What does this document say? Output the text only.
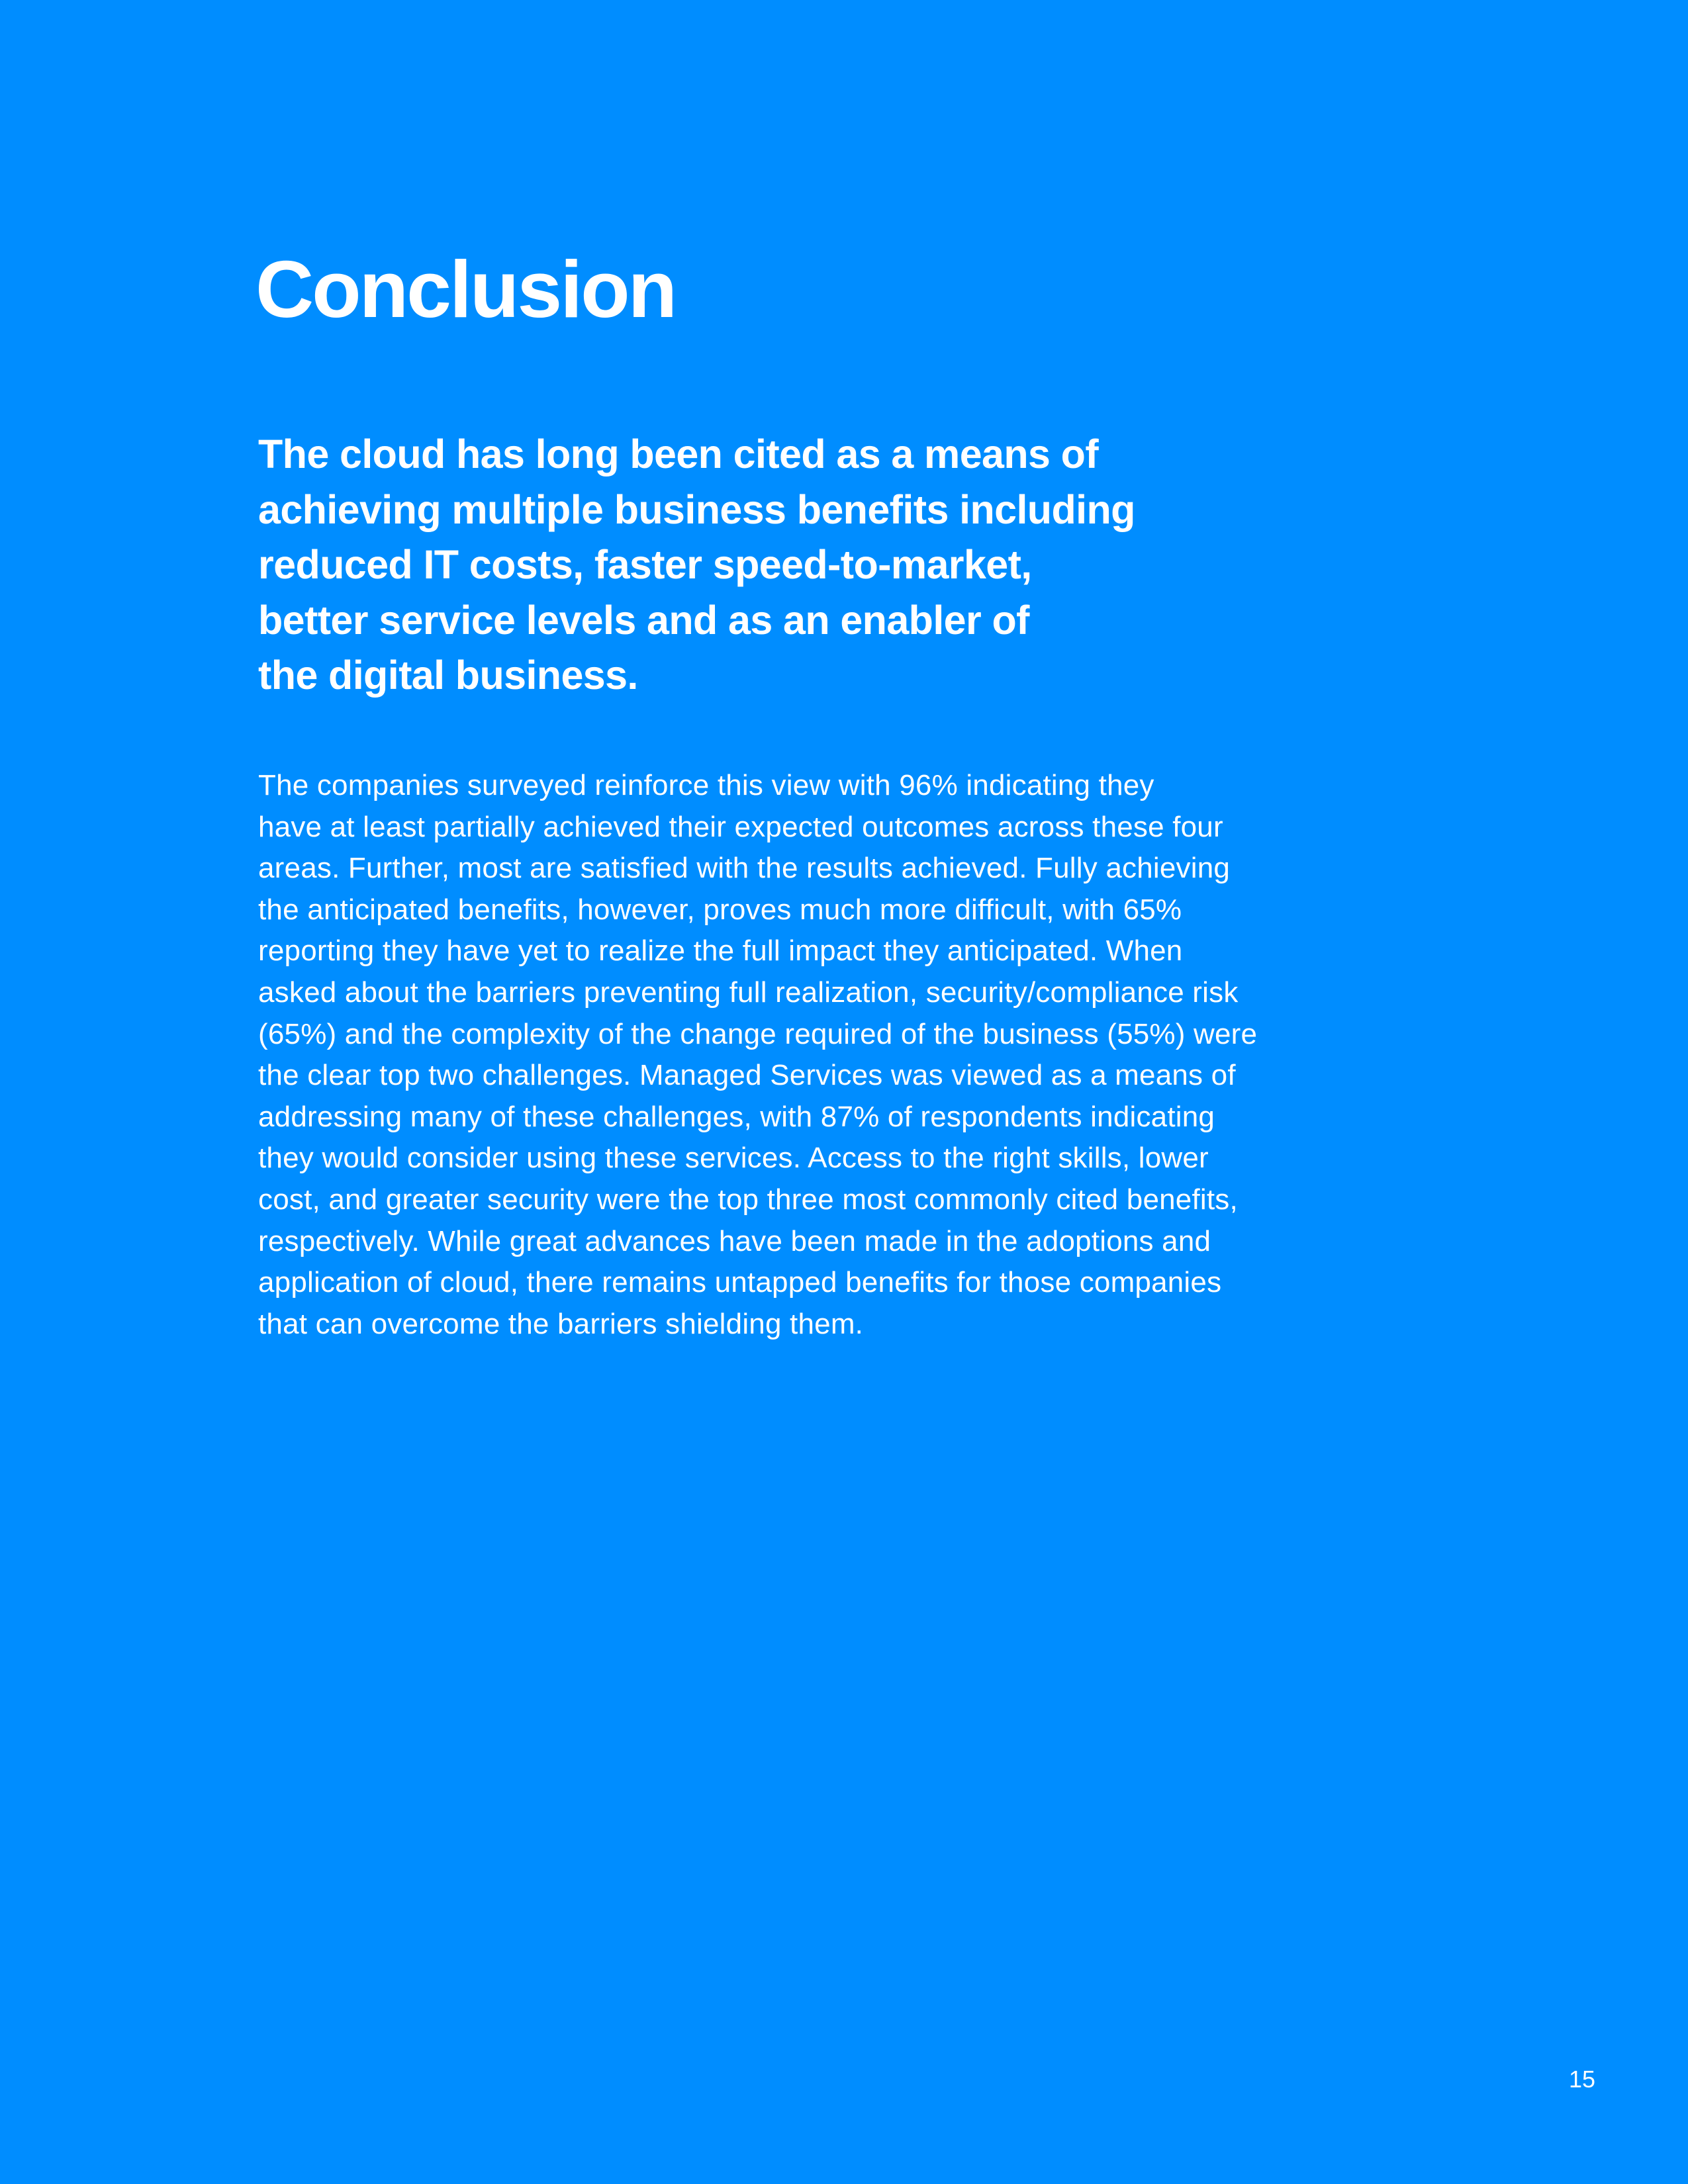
Conclusion

The cloud has long been cited as a means of
achieving multiple business benefits including
reduced IT costs, faster speed-to-market,
better service levels and as an enabler of
the digital business.

The companies surveyed reinforce this view with 96% indicating they
have at least partially achieved their expected outcomes across these four
areas. Further, most are satisfied with the results achieved. Fully achieving
the anticipated benefits, however, proves much more difficult, with 65%
reporting they have yet to realize the full impact they anticipated. When
asked about the barriers preventing full realization, security/compliance risk
(65%) and the complexity of the change required of the business (55%) were
the clear top two challenges. Managed Services was viewed as a means of
addressing many of these challenges, with 87% of respondents indicating
they would consider using these services. Access to the right skills, lower
cost, and greater security were the top three most commonly cited benefits,
respectively. While great advances have been made in the adoptions and
application of cloud, there remains untapped benefits for those companies
that can overcome the barriers shielding them.

15
